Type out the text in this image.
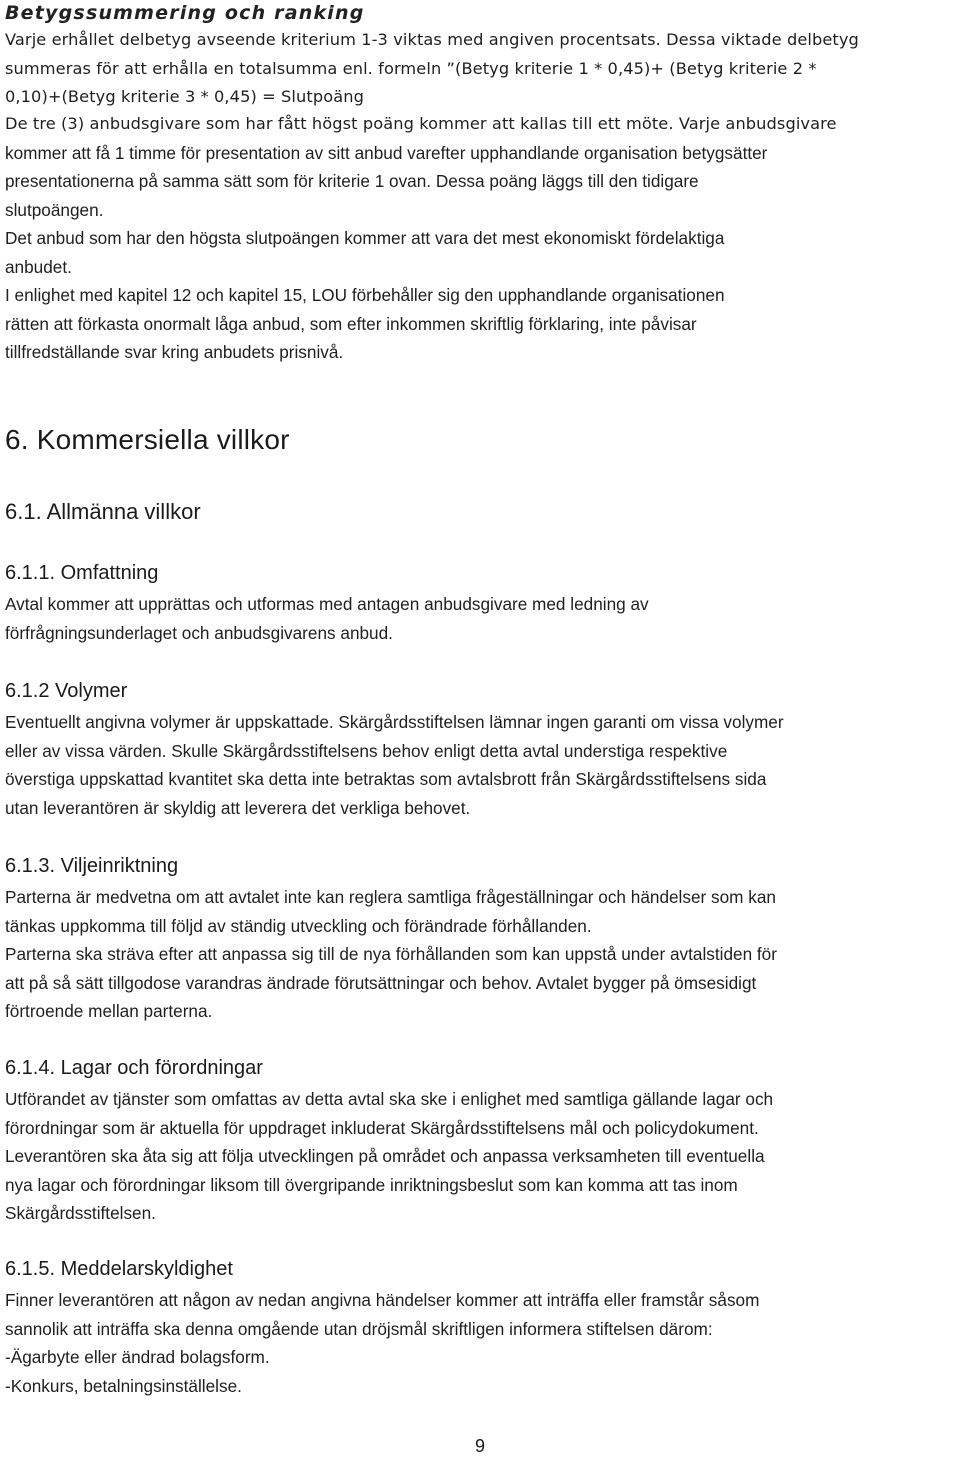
Betygssummering och ranking
Varje erhållet delbetyg avseende kriterium 1-3 viktas med angiven procentsats. Dessa viktade delbetyg
summeras för att erhålla en totalsumma enl. formeln ”(Betyg kriterie 1 * 0,45)+ (Betyg kriterie 2 *
0,10)+(Betyg kriterie 3 * 0,45) = Slutpoäng
De tre (3) anbudsgivare som har fått högst poäng kommer att kallas till ett möte. Varje anbudsgivare
kommer att få 1 timme för presentation av sitt anbud varefter upphandlande organisation betygsätter
presentationerna på samma sätt som för kriterie 1 ovan. Dessa poäng läggs till den tidigare
slutpoängen.
Det anbud som har den högsta slutpoängen kommer att vara det mest ekonomiskt fördelaktiga
anbudet.
I enlighet med kapitel 12 och kapitel 15, LOU förbehåller sig den upphandlande organisationen
rätten att förkasta onormalt låga anbud, som efter inkommen skriftlig förklaring, inte påvisar
tillfredställande svar kring anbudets prisnivå.
6. Kommersiella villkor
6.1. Allmänna villkor
6.1.1. Omfattning
Avtal kommer att upprättas och utformas med antagen anbudsgivare med ledning av
förfrågningsunderlaget och anbudsgivarens anbud.
6.1.2 Volymer
Eventuellt angivna volymer är uppskattade. Skärgårdsstiftelsen lämnar ingen garanti om vissa volymer
eller av vissa värden. Skulle Skärgårdsstiftelsens behov enligt detta avtal understiga respektive
överstiga uppskattad kvantitet ska detta inte betraktas som avtalsbrott från Skärgårdsstiftelsens sida
utan leverantören är skyldig att leverera det verkliga behovet.
6.1.3. Viljeinriktning
Parterna är medvetna om att avtalet inte kan reglera samtliga frågeställningar och händelser som kan
tänkas uppkomma till följd av ständig utveckling och förändrade förhållanden.
Parterna ska sträva efter att anpassa sig till de nya förhållanden som kan uppstå under avtalstiden för
att på så sätt tillgodose varandras ändrade förutsättningar och behov. Avtalet bygger på ömsesidigt
förtroende mellan parterna.
6.1.4. Lagar och förordningar
Utförandet av tjänster som omfattas av detta avtal ska ske i enlighet med samtliga gällande lagar och
förordningar som är aktuella för uppdraget inkluderat Skärgårdsstiftelsens mål och policydokument.
Leverantören ska åta sig att följa utvecklingen på området och anpassa verksamheten till eventuella
nya lagar och förordningar liksom till övergripande inriktningsbeslut som kan komma att tas inom
Skärgårdsstiftelsen.
6.1.5. Meddelarskyldighet
Finner leverantören att någon av nedan angivna händelser kommer att inträffa eller framstår såsom
sannolik att inträffa ska denna omgående utan dröjsmål skriftligen informera stiftelsen därom:
-Ägarbyte eller ändrad bolagsform.
-Konkurs, betalningsinställelse.
9
